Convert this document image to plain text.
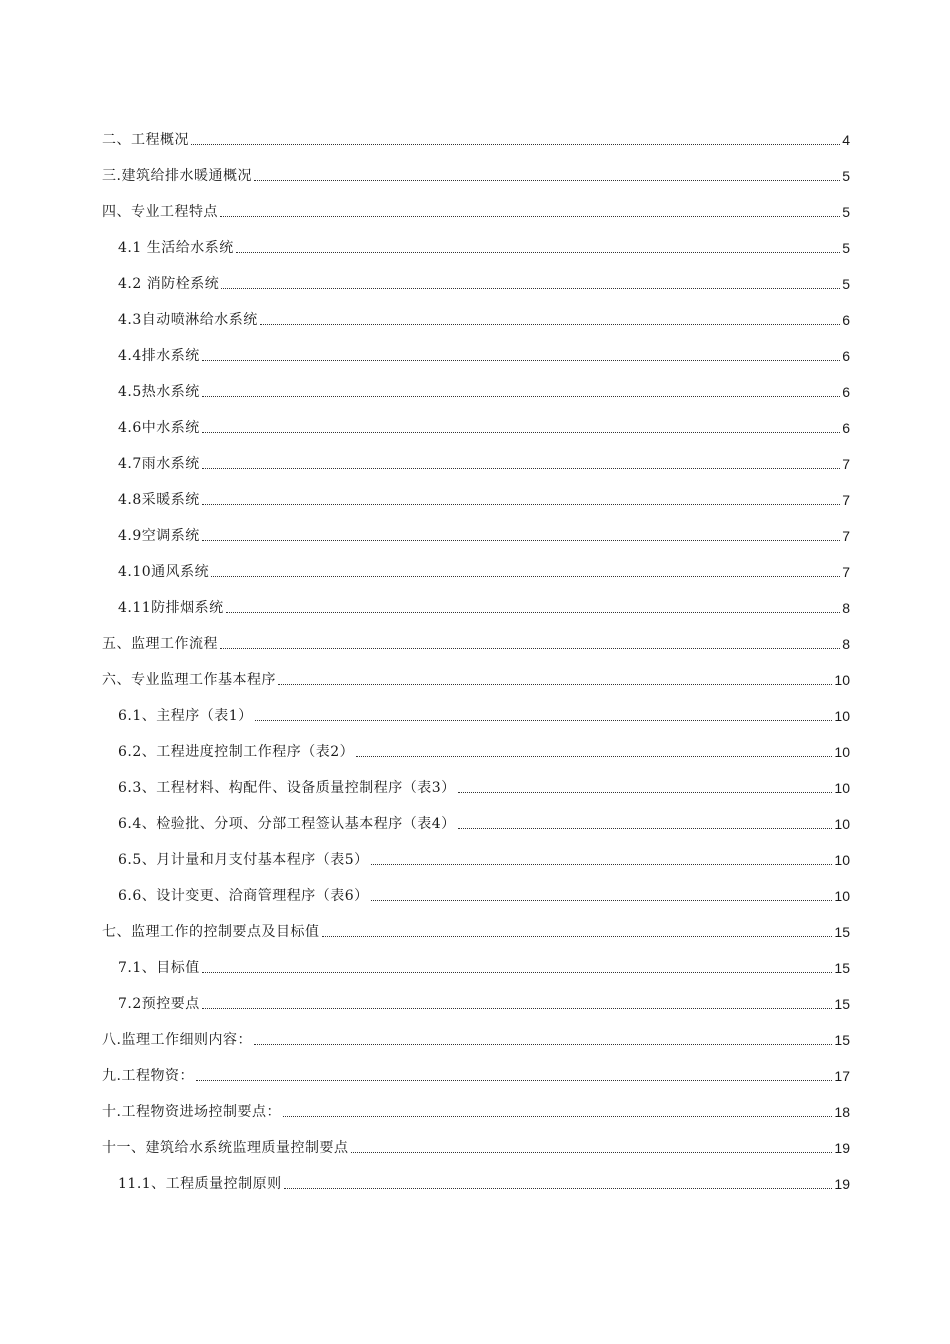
二、工程概况	4
三.建筑给排水暖通概况	5
四、专业工程特点	5
4.1 生活给水系统	5
4.2 消防栓系统	5
4.3自动喷淋给水系统	6
4.4排水系统	6
4.5热水系统	6
4.6中水系统	6
4.7雨水系统	7
4.8采暖系统	7
4.9空调系统	7
4.10通风系统	7
4.11防排烟系统	8
五、监理工作流程	8
六、专业监理工作基本程序	10
6.1、主程序（表1）	10
6.2、工程进度控制工作程序（表2）	10
6.3、工程材料、构配件、设备质量控制程序（表3）	10
6.4、检验批、分项、分部工程签认基本程序（表4）	10
6.5、月计量和月支付基本程序（表5）	10
6.6、设计变更、洽商管理程序（表6）	10
七、监理工作的控制要点及目标值	15
7.1、目标值	15
7.2预控要点	15
八.监理工作细则内容：	15
九.工程物资：	17
十.工程物资进场控制要点：	18
十一、建筑给水系统监理质量控制要点	19
11.1、工程质量控制原则	19
